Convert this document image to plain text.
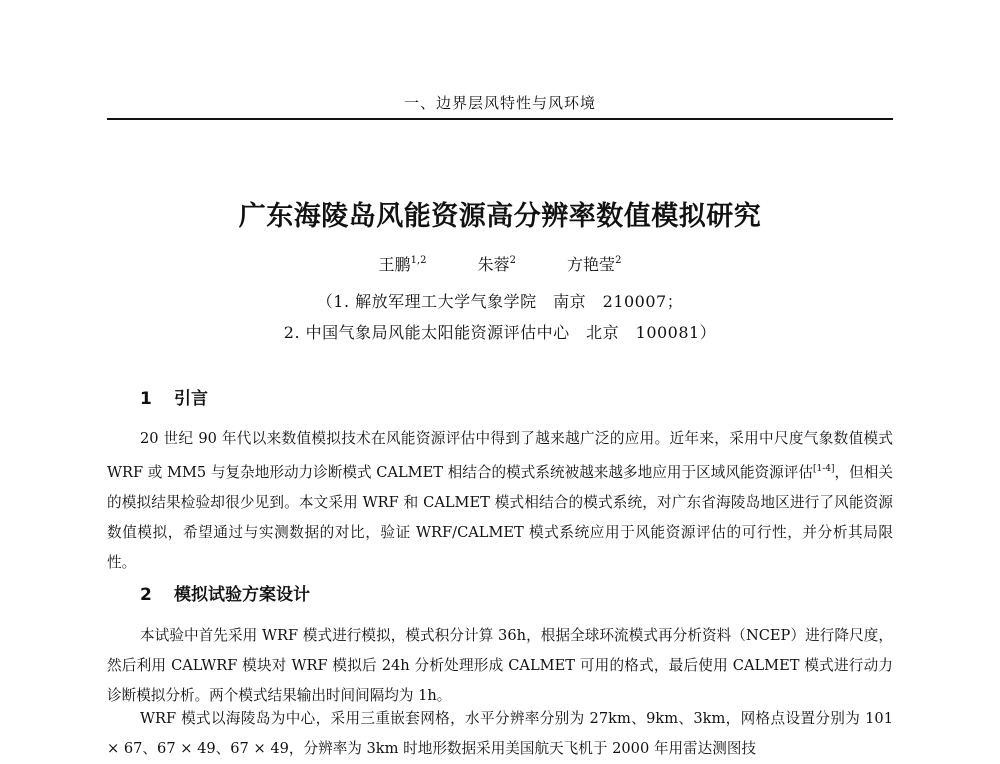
一、边界层风特性与风环境
广东海陵岛风能资源高分辨率数值模拟研究
王鹏$^{1,2}$	朱蓉$^2$	方艳莹$^2$
（1. 解放军理工大学气象学院　南京　210007；
2. 中国气象局风能太阳能资源评估中心　北京　100081）
1 引言
20 世纪 90 年代以来数值模拟技术在风能资源评估中得到了越来越广泛的应用。近年来，采用中尺度气象数值模式 WRF 或 MM5 与复杂地形动力诊断模式 CALMET 相结合的模式系统被越来越多地应用于区域风能资源评估[1-4]，但相关的模拟结果检验却很少见到。本文采用 WRF 和 CALMET 模式相结合的模式系统，对广东省海陵岛地区进行了风能资源数值模拟，希望通过与实测数据的对比，验证 WRF/CALMET 模式系统应用于风能资源评估的可行性，并分析其局限性。
2 模拟试验方案设计
本试验中首先采用 WRF 模式进行模拟，模式积分计算 36h，根据全球环流模式再分析资料（NCEP）进行降尺度，然后利用 CALWRF 模块对 WRF 模拟后 24h 分析处理形成 CALMET 可用的格式，最后使用 CALMET 模式进行动力诊断模拟分析。两个模式结果输出时间间隔均为 1h。
WRF 模式以海陵岛为中心，采用三重嵌套网格，水平分辨率分别为 27km、9km、3km，网格点设置分别为 101 × 67、67 × 49、67 × 49，分辨率为 3km 时地形数据采用美国航天飞机于 2000 年用雷达测图技
